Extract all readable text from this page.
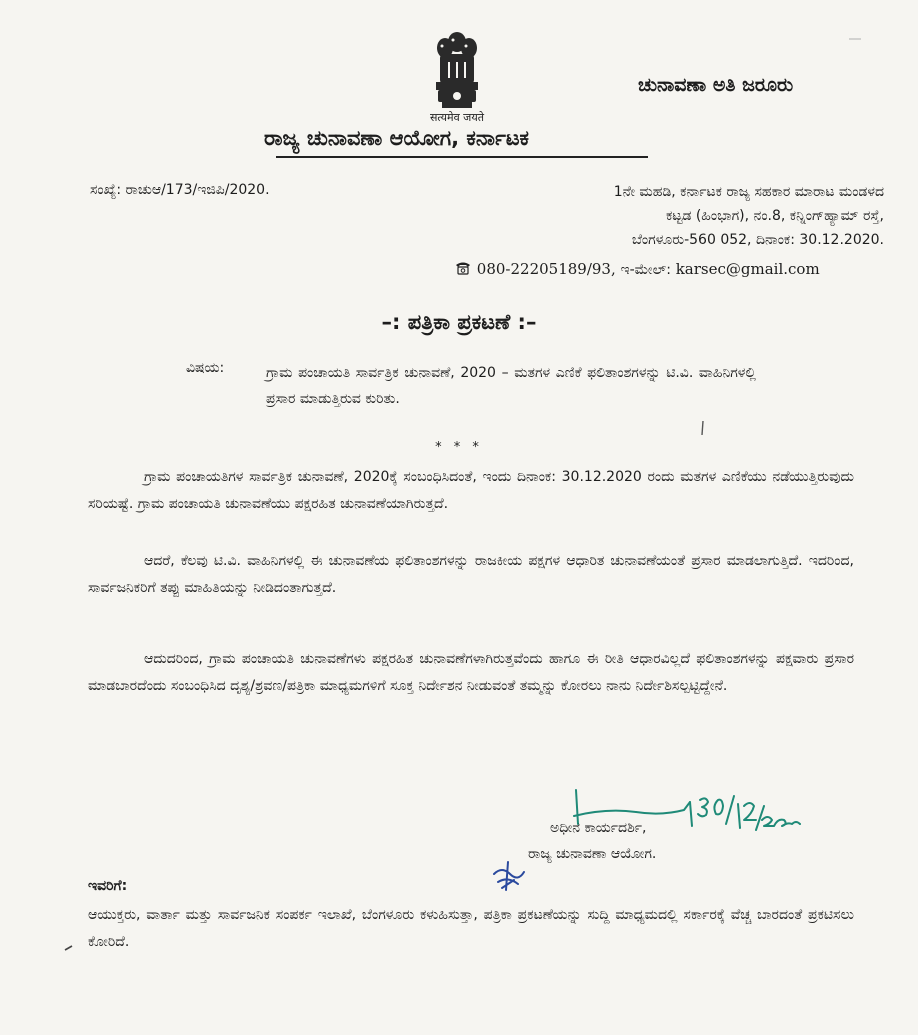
सत्यमेव जयते
ಚುನಾವಣಾ ಅತಿ ಜರೂರು
ರಾಜ್ಯ ಚುನಾವಣಾ ಆಯೋಗ, ಕರ್ನಾಟಕ
ಸಂಖ್ಯೆ: ರಾಚುಆ/173/ಇಜಿಪಿ/2020.	1ನೇ ಮಹಡಿ, ಕರ್ನಾಟಕ ರಾಜ್ಯ ಸಹಕಾರ ಮಾರಾಟ ಮಂಡಳದ
ಕಟ್ಟಡ (ಹಿಂಭಾಗ), ನಂ.8, ಕನ್ನಿಂಗ್‌ಹ್ಯಾಮ್ ರಸ್ತೆ,
ಬೆಂಗಳೂರು-560 052, ದಿನಾಂಕ: 30.12.2020.
080-22205189/93, ಇ-ಮೇಲ್: karsec@gmail.com
–: ಪತ್ರಿಕಾ ಪ್ರಕಟಣೆ :–
ವಿಷಯ:	ಗ್ರಾಮ ಪಂಚಾಯತಿ ಸಾರ್ವತ್ರಿಕ ಚುನಾವಣೆ, 2020 – ಮತಗಳ ಎಣಿಕೆ ಫಲಿತಾಂಶಗಳನ್ನು ಟಿ.ವಿ. ವಾಹಿನಿಗಳಲ್ಲಿ ಪ್ರಸಾರ ಮಾಡುತ್ತಿರುವ ಕುರಿತು.
* * *
ಗ್ರಾಮ ಪಂಚಾಯತಿಗಳ ಸಾರ್ವತ್ರಿಕ ಚುನಾವಣೆ, 2020ಕ್ಕೆ ಸಂಬಂಧಿಸಿದಂತೆ, ಇಂದು ದಿನಾಂಕ: 30.12.2020 ರಂದು ಮತಗಳ ಎಣಿಕೆಯು ನಡೆಯುತ್ತಿರುವುದು ಸರಿಯಷ್ಟೆ. ಗ್ರಾಮ ಪಂಚಾಯತಿ ಚುನಾವಣೆಯು ಪಕ್ಷರಹಿತ ಚುನಾವಣೆಯಾಗಿರುತ್ತದೆ.
ಆದರೆ, ಕೆಲವು ಟಿ.ವಿ. ವಾಹಿನಿಗಳಲ್ಲಿ ಈ ಚುನಾವಣೆಯ ಫಲಿತಾಂಶಗಳನ್ನು ರಾಜಕೀಯ ಪಕ್ಷಗಳ ಆಧಾರಿತ ಚುನಾವಣೆಯಂತೆ ಪ್ರಸಾರ ಮಾಡಲಾಗುತ್ತಿದೆ. ಇದರಿಂದ, ಸಾರ್ವಜನಿಕರಿಗೆ ತಪ್ಪು ಮಾಹಿತಿಯನ್ನು ನೀಡಿದಂತಾಗುತ್ತದೆ.
ಆದುದರಿಂದ, ಗ್ರಾಮ ಪಂಚಾಯತಿ ಚುನಾವಣೆಗಳು ಪಕ್ಷರಹಿತ ಚುನಾವಣೆಗಳಾಗಿರುತ್ತವೆಂದು ಹಾಗೂ ಈ ರೀತಿ ಆಧಾರವಿಲ್ಲದೆ ಫಲಿತಾಂಶಗಳನ್ನು ಪಕ್ಷವಾರು ಪ್ರಸಾರ ಮಾಡಬಾರದೆಂದು ಸಂಬಂಧಿಸಿದ ದೃಶ್ಯ/ಶ್ರವಣ/ಪತ್ರಿಕಾ ಮಾಧ್ಯಮಗಳಿಗೆ ಸೂಕ್ತ ನಿರ್ದೇಶನ ನೀಡುವಂತೆ ತಮ್ಮನ್ನು ಕೋರಲು ನಾನು ನಿರ್ದೇಶಿಸಲ್ಪಟ್ಟಿದ್ದೇನೆ.
ಅಧೀನ ಕಾರ್ಯದರ್ಶಿ,
ರಾಜ್ಯ ಚುನಾವಣಾ ಆಯೋಗ.
ಇವರಿಗೆ:
ಆಯುಕ್ತರು, ವಾರ್ತಾ ಮತ್ತು ಸಾರ್ವಜನಿಕ ಸಂಪರ್ಕ ಇಲಾಖೆ, ಬೆಂಗಳೂರು ಕಳುಹಿಸುತ್ತಾ, ಪತ್ರಿಕಾ ಪ್ರಕಟಣೆಯನ್ನು ಸುದ್ದಿ ಮಾಧ್ಯಮದಲ್ಲಿ ಸರ್ಕಾರಕ್ಕೆ ವೆಚ್ಚ ಬಾರದಂತೆ ಪ್ರಕಟಿಸಲು ಕೋರಿದೆ.
